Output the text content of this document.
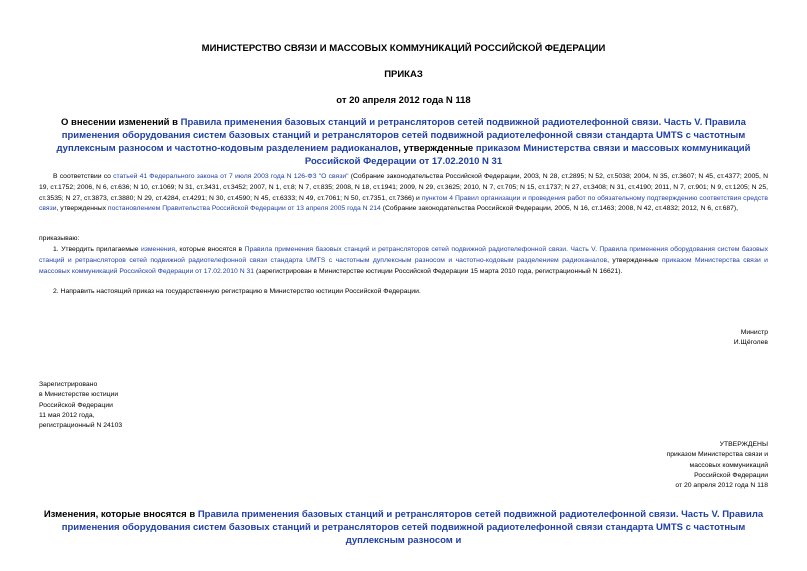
МИНИСТЕРСТВО СВЯЗИ И МАССОВЫХ КОММУНИКАЦИЙ РОССИЙСКОЙ ФЕДЕРАЦИИ
ПРИКАЗ
от 20 апреля 2012 года N 118
О внесении изменений в Правила применения базовых станций и ретрансляторов сетей подвижной радиотелефонной связи. Часть V. Правила применения оборудования систем базовых станций и ретрансляторов сетей подвижной радиотелефонной связи стандарта UMTS с частотным дуплексным разносом и частотно-кодовым разделением радиоканалов, утвержденные приказом Министерства связи и массовых коммуникаций Российской Федерации от 17.02.2010 N 31
В соответствии со статьей 41 Федерального закона от 7 июля 2003 года N 126-ФЗ "О связи" (Собрание законодательства Российской Федерации, 2003, N 28, ст.2895; N 52, ст.5038; 2004, N 35, ст.3607; N 45, ст.4377; 2005, N 19, ст.1752; 2006, N 6, ст.636; N 10, ст.1069; N 31, ст.3431, ст.3452; 2007, N 1, ст.8; N 7, ст.835; 2008, N 18, ст.1941; 2009, N 29, ст.3625; 2010, N 7, ст.705; N 15, ст.1737; N 27, ст.3408; N 31, ст.4190; 2011, N 7, ст.901; N 9, ст.1205; N 25, ст.3535; N 27, ст.3873, ст.3880; N 29, ст.4284, ст.4291; N 30, ст.4590; N 45, ст.6333; N 49, ст.7061; N 50, ст.7351, ст.7366) и пунктом 4 Правил организации и проведения работ по обязательному подтверждению соответствия средств связи, утвержденных постановлением Правительства Российской Федерации от 13 апреля 2005 года N 214 (Собрание законодательства Российской Федерации, 2005, N 16, ст.1463; 2008, N 42, ст.4832; 2012, N 6, ст.687),
приказываю:
1. Утвердить прилагаемые изменения, которые вносятся в Правила применения базовых станций и ретрансляторов сетей подвижной радиотелефонной связи. Часть V. Правила применения оборудования систем базовых станций и ретрансляторов сетей подвижной радиотелефонной связи стандарта UMTS с частотным дуплексным разносом и частотно-кодовым разделением радиоканалов, утвержденные приказом Министерства связи и массовых коммуникаций Российской Федерации от 17.02.2010 N 31 (зарегистрирован в Министерстве юстиции Российской Федерации 15 марта 2010 года, регистрационный N 16621).
2. Направить настоящий приказ на государственную регистрацию в Министерство юстиции Российской Федерации.
Министр
И.Щёголев
Зарегистрировано
в Министерстве юстиции
Российской Федерации
11 мая 2012 года,
регистрационный N 24103
УТВЕРЖДЕНЫ
приказом Министерства связи и
массовых коммуникаций
Российской Федерации
от 20 апреля 2012 года N 118
Изменения, которые вносятся в Правила применения базовых станций и ретрансляторов сетей подвижной радиотелефонной связи. Часть V. Правила применения оборудования систем базовых станций и ретрансляторов сетей подвижной радиотелефонной связи стандарта UMTS с частотным дуплексным разносом и
